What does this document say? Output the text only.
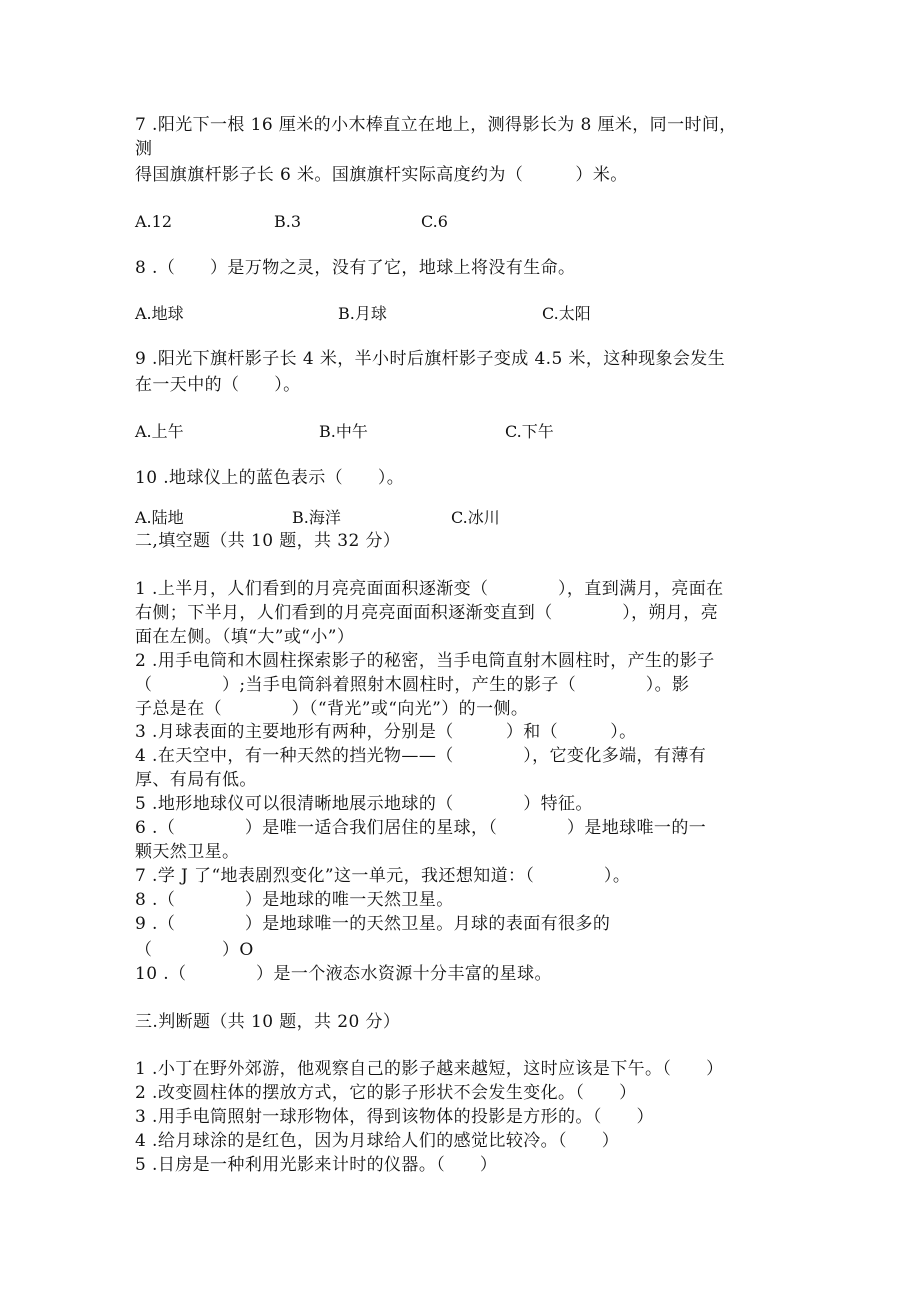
7 .阳光下一根 16 厘米的小木棒直立在地上，测得影长为 8 厘米，同一时间，
测
得国旗旗杆影子长 6 米。国旗旗杆实际高度约为（　　　）米。
A.12	B.3	C.6
8 .（　　）是万物之灵，没有了它，地球上将没有生命。
A.地球	B.月球	C.太阳
9 .阳光下旗杆影子长 4 米，半小时后旗杆影子变成 4.5 米，这种现象会发生
在一天中的（　　）。
A.上午	B.中午	C.下午
10 .地球仪上的蓝色表示（　　）。
A.陆地	B.海洋	C.冰川
二,填空题（共 10 题，共 32 分）
1 .上半月，人们看到的月亮亮面面积逐渐变（　　　　），直到满月，亮面在
右侧；下半月，人们看到的月亮亮面面积逐渐变直到（　　　　），朔月，亮
面在左侧。（填“大”或“小”）
2 .用手电筒和木圆柱探索影子的秘密，当手电筒直射木圆柱时，产生的影子
（　　　　）;当手电筒斜着照射木圆柱时，产生的影子（　　　　）。影
子总是在（　　　　）（“背光”或“向光”）的一侧。
3 .月球表面的主要地形有两种，分别是（　　　）和（　　　）。
4 .在天空中，有一种天然的挡光物——（　　　　），它变化多端，有薄有
厚、有局有低。
5 .地形地球仪可以很清晰地展示地球的（　　　　）特征。
6 .（　　　　）是唯一适合我们居住的星球，（　　　　）是地球唯一的一
颗天然卫星。
7 .学 J 了“地表剧烈变化”这一单元，我还想知道：（　　　　）。
8 .（　　　　）是地球的唯一天然卫星。
9 .（　　　　）是地球唯一的天然卫星。月球的表面有很多的
（　　　　）O
10 .（　　　　）是一个液态水资源十分丰富的星球。
三.判断题（共 10 题，共 20 分）
1 .小丁在野外郊游，他观察自己的影子越来越短，这时应该是下午。（　　）
2 .改变圆柱体的摆放方式，它的影子形状不会发生变化。（　　）
3 .用手电筒照射一球形物体，得到该物体的投影是方形的。（　　）
4 .给月球涂的是红色，因为月球给人们的感觉比较冷。（　　）
5 .日房是一种利用光影来计时的仪器。（　　）
